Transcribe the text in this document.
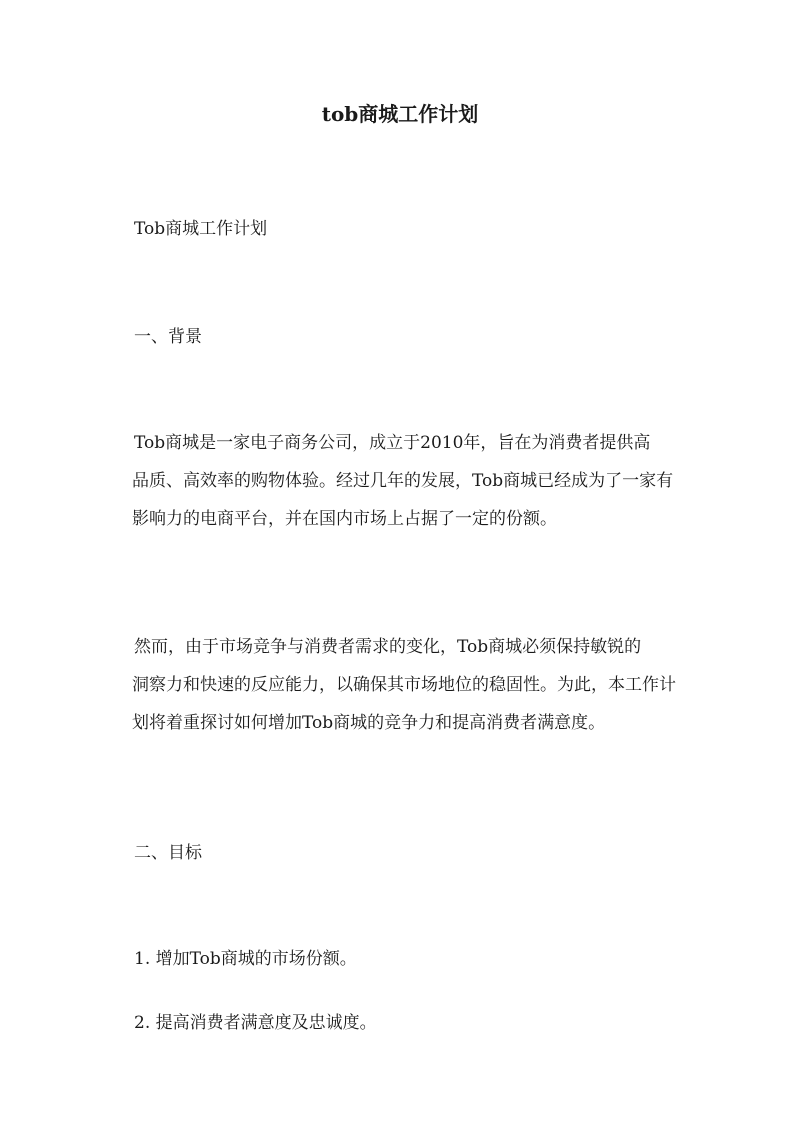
tob商城工作计划
Tob商城工作计划
一、背景
Tob商城是一家电子商务公司，成立于2010年，旨在为消费者提供高
品质、高效率的购物体验。经过几年的发展，Tob商城已经成为了一家有
影响力的电商平台，并在国内市场上占据了一定的份额。
然而，由于市场竞争与消费者需求的变化，Tob商城必须保持敏锐的
洞察力和快速的反应能力，以确保其市场地位的稳固性。为此，本工作计
划将着重探讨如何增加Tob商城的竞争力和提高消费者满意度。
二、目标
1. 增加Tob商城的市场份额。
2. 提高消费者满意度及忠诚度。
